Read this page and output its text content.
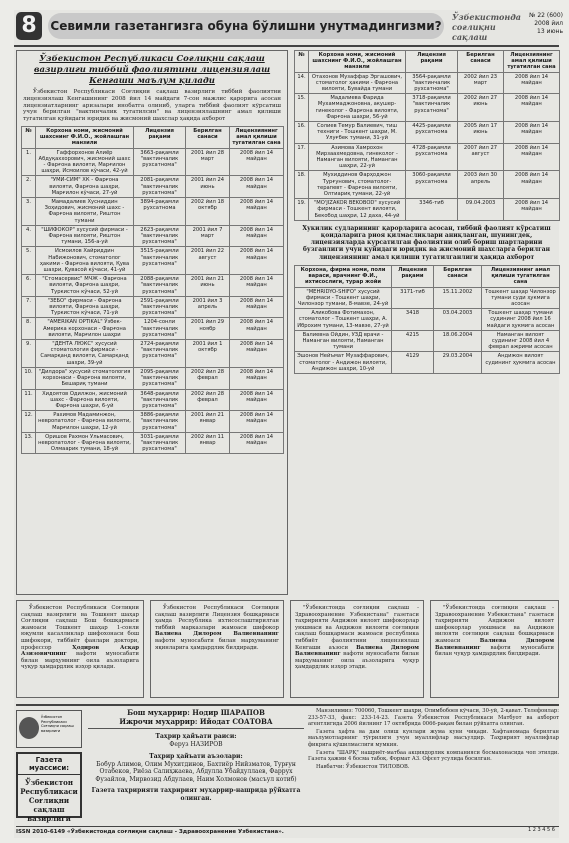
8	Севимли газетангизга обуна бўлишни унутмадингизми?
Ўзбекистонда соғлиқни сақлаш
№ 22 (600)
2008 йил
13 июнь
Ўзбекистон Республикаси Соғлиқни сақлаш вазирлиги тиббий фаолиятини лицензиялаш Кенгаши маълум қилади
Ўзбекистон Республикаси Соғлиқни сақлаш вазирлиги тиббий фаолиятни лицензиялаш Кенгашининг 2008 йил 14 майдаги 7-сон мажлис қарорига асосан лицензиатларнинг аризалари инобатга олиниб, уларга тиббий фаолият кўрсатиш учун берилган "вактинчалик тугатилсин" ва лицензиялашнинг амал қилиши тугатилган қуйидаги юридик ва жисмоний шахслар ҳақида ахборот
№	Корхона номи, жисмоний шахснинг Ф.И.О., жойлашган манзили	Лицензия рақами	Берилган санаси	Лицензиянинг амал қилиши тугатилган сана
1.	Гаффорхонов Алиёр Абдуқаххорович, жисмоний шахс - Фарғона вилояти, Марғилон шаҳри, Исмоилов кўчаси, 42-уй	3663-рақамли "вактинчалик рухсатнома"	2001 йил 28 март	2008 йил 14 майдан
2.	"УМИ-СИМ" ХК - Фарғона вилояти, Фарғона шаҳри, Марғилон кўчаси, 27-уй	2081-рақамли "вактинчалик рухсатнома"	2001 йил 24 июнь	2008 йил 14 майдан
3.	Мамадалиев Хусниддин Зоҳидович, жисмоний шахс - Фарғона вилояти, Риштон тумани	3894-рақамли рухсатнома	2002 йил 18 октябр	2008 йил 14 майдан
4.	"ШИФОКОР" хусусий фирмаси - Фарғона вилояти, Риштон тумани, 156-а-уй	2623-рақамли "вактинчалик рухсатнома"	2001 йил 7 март	2008 йил 14 майдан
5.	Исмоилов Хайриддин Набижонович, стоматолог ҳакими - Фарғона вилояти, Қува шаҳри, Қувасой кўчаси, 41-уй	3515-рақамли "вактинчалик рухсатнома"	2001 йил 22 август	2008 йил 14 майдан
6.	"Стомасервис" МЧЖ - Фарғона вилояти, Фарғона шаҳри, Туркистон кўчаси, 52-уй	2088-рақамли "вактинчалик рухсатнома"	2001 йил 21 июнь	2008 йил 14 майдан
7.	"ЗЕБО" фирмаси - Фарғона вилояти, Фарғона шаҳри, Туркистон кўчаси, 71-уй	2591-рақамли "вактинчалик рухсатнома"	2001 йил 3 апрель	2008 йил 14 майдан
8.	"AMERIKAN OPTIKAL" Ўзбек-Америка корхонаси - Фарғона вилояти, Марғилон шаҳри	1204-сонли "вактинчалик рухсатнома"	2001 йил 29 ноябр	2008 йил 14 майдан
9.	"ДЕНТА ЛЮКС" хусусий стоматология фирмаси - Самарқанд вилояти, Самарқанд шаҳри, 39-уй	2724-рақамли "вактинчалик рухсатнома"	2001 йил 1 октябр	2008 йил 14 майдан
10.	"Дилдора" хусусий стоматология корхонаси - Фарғона вилояти, Бешариқ тумани	2095-рақамли "вактинчалик рухсатнома"	2002 йил 28 феврал	2008 йил 14 майдан
11.	Хидоятов Одилжон, жисмоний шахс - Фарғона вилояти, Фарғона шаҳри, 6-уй	3648-рақамли "вактинчалик рухсатнома"	2002 йил 28 феврал	2008 йил 14 майдан
12.	Рахимов Мадаминжон, невропатолог - Фарғона вилояти, Марғилон шаҳри, 12-уй	3886-рақамли "вактинчалик рухсатнома"	2001 йил 21 январ	2008 йил 14 майдан
13.	Оришов Рахмон Ульмасович, невропатолог - Фарғона вилояти, Олмаарик тумани, 18-уй	3031-рақамли "вактинчалик рухсатнома"	2002 йил 11 январ	2008 йил 14 майдан
№	Корхона номи, жисмоний шахснинг Ф.И.О., жойлашган манзили	Лицензия рақами	Берилган санаси	Лицензиянинг амал қилиши тугатилган сана
14.	Отахонов Музаффар Эргашович, стоматолог ҳакими - Фарғона вилояти, Бувайда тумани	3564-рақамли "вактинчалик рухсатнома"	2002 йил 23 март	2008 йил 14 майдан
15.	Мадалиева Фарида Мухаммаджоновна, акушер-гинеколог - Фарғона вилояти, Фарғона шаҳри, 56-уй	3718-рақамли "вактинчалик рухсатнома"	2002 йил 27 июнь	2008 йил 14 майдан
16.	Солиев Темур Валиевич, тиш техниги - Тошкент шаҳри, М. Улуғбек тумани, 31-уй	4425-рақамли рухсатнома	2005 йил 17 июнь	2008 йил 14 майдан
17.	Азимова Хамрохон Мирзаахмедовна, гинеколог - Наманган вилояти, Наманган шаҳри, 22-уй	4728-рақамли рухсатнома	2007 йил 27 август	2008 йил 14 майдан
18.	Мухиддинов Фарҳоджон Турғунович, стоматолог-терапевт - Фарғона вилояти, Олтиариқ тумани, 22-уй	3060-рақамли рухсатнома	2003 йил 30 апрель	2008 йил 14 майдан
19.	"MO'JIZAKOR BEKOBOD" хусусий фирмаси - Тошкент вилояти, Бекобод шаҳри, 12 даха, 44-уй	3346-тиб	09.04.2003	2008 йил 14 майдан
Хукилик судларининг қарорларига асосан, тиббий фаолият кўрсатиш қоидаларига риоя қилмасликлари аниқланган, шунингдек, лицензияларда курсатилган фаолиятни олиб бориш шартларини бузганлиги учун қуйидаги юридик ва жисмоний шахсларга берилган лицензиянинг амал қилиши тугатилганлиги ҳақида ахборот
Корхона, фирма номи, поли вараси, врачнинг Ф.И., ихтисослиги, турар жойи	Лицензия рақами	Берилган санаси	Лицензиянинг амал қилиши тугатилган сана
"MEHRIDYO-SHIFO" хусусий фирмаси - Тошкент шаҳри, Чилонзор тумани, 8-мавзе, 24-уй	3171-тиб	15.11.2002	Тошкент шаҳар Чилонзор тумани суди ҳукмига асосан
Аликобова Фотимахон, стоматолог - Тошкент шаҳри, А. Иброхим тумани, 13-мавзе, 27-уй	3418	03.04.2003	Тошкент шаҳар тумани судининг 2008 йил 16 майдаги ҳукмига асосан
Валиевна Ойдин, УЗД врачи - Наманган вилояти, Наманган тумани	4215	18.06.2004	Наманган вилоят судининг 2008 йил 4 феврал ажрими асосан
Эшонов Нейъмат Музаффарович, стоматолог - Андижон вилояти, Андижон шаҳри, 10-уй	4129	29.03.2004	Андижон вилоят судининг ҳукмига асосан
Ўзбекистон Республикаси Соғлиқни сақлаш вазирлиги ва Тошкент шаҳар Соғлиқни сақлаш Бош бошқармаси жамоаси Тошкент шаҳар 1-сонли юқумли касалликлар шифохонаси бош шифокори, тиббиёт фанлари доктори, профессор	Ҳодиров Асқар Азизовичнинг вафоти муносабати билан марҳумнинг оила аъзоларига чуқур ҳамдардлик изҳор қилади.
Ўзбекистон Республикаси Соғлиқни сақлаш вазирлиги Лицензия бошқармаси ҳамда Республика ихтисослаштирилган тиббий марказлари жамоаси шифокор Валиева Дилором Валиевнанинг вафоти муносабати билан марҳуманинг яқинларига ҳамдардлик билдиради.
"Ўзбекистонда соғлиқни сақлаш - Здравоохранение Узбекистана" газетаси таҳририяти Андижон вилоят шифокорлар уюшмаси ва Андижон вилояти соғлиқни сақлаш бошқармаси жамоаси республика тиббиёт фаолиятини лицензиялаш Кенгаши аъзоси Валиева Дилором Валиевнанинг вафоти муносабати билан марҳуманинг оила аъзоларига чуқур ҳамдардлик изҳор этади.
"Ўзбекистонда соғлиқни сақлаш - Здравоохранение Узбекистана" газетаси таҳририяти Андижон вилоят шифокорлар уюшмаси ва Андижон вилояти соғлиқни сақлаш бошқармаси жамоаси	Валиева Дилором Валиевнанинг вафоти муносабати билан чуқур ҳамдардлик билдиради.
Ўзбекистон Республикаси Соғлиқни сақлаш вазирлиги
Газета муассиси:
Ўзбекистон Республикаси Соғлиқни сақлаш вазирлиги
Бош муҳаррир: Нодир ШАРАПОВ
Ижрочи муҳаррир: Ийодат СОАТОВА
Таҳрир ҳайъати раиси:
Феруз НАЗИРОВ
Таҳрир ҳайъати аъзолари:
Бобур Алимов, Олим Мухитдинов, Бахтиёр Нийзматов, Турғун Отабеков, Риёза Салиҳжаева, Абдулла Убайдуллаев, Фаррух Фузайлов, Мирвозид Абдулаев, Наим Холмонов (масъул котиб)
Газета таҳририяти таҳририят муҳаррир-нашрида рўйхатга олинган.

Манзилимиз: 700060, Тошкент шаҳри, Олимбобоев кўчаси, 30-уй, 2-қават. Телефонлар: 233-57-33, факс: 233-14-23. Газета Ўзбекистон Республикаси Матбуот ва ахборот агентлигида 2006 йилнинг 17 октябрида 0066-рақам билан рўйхатга олинган.

Газета ҳафта ва дам олиш кунлари жума куни чиқади. Хафтаномада берилган маълумотларнинг тўғрилиги учун муаллифлар масъулдир. Таҳририят муаллифлар фикрига қўшилмаслиги мумкин.

Газета "ШАРҚ" нашриёт-матбаа акциядорлик компанияси босмахонасида чоп этилди. Газета ҳажми 4 босма табоқ. Формат А3. Офсет усулида босилган.

Навбатчи: Ўзбекистон ТИЛОВОВ.

ISSN 2010-6149 «Ўзбекистонда соғлиқни сақлаш - Здравоохранение Узбекистана».	1 2 3 4 5 6
